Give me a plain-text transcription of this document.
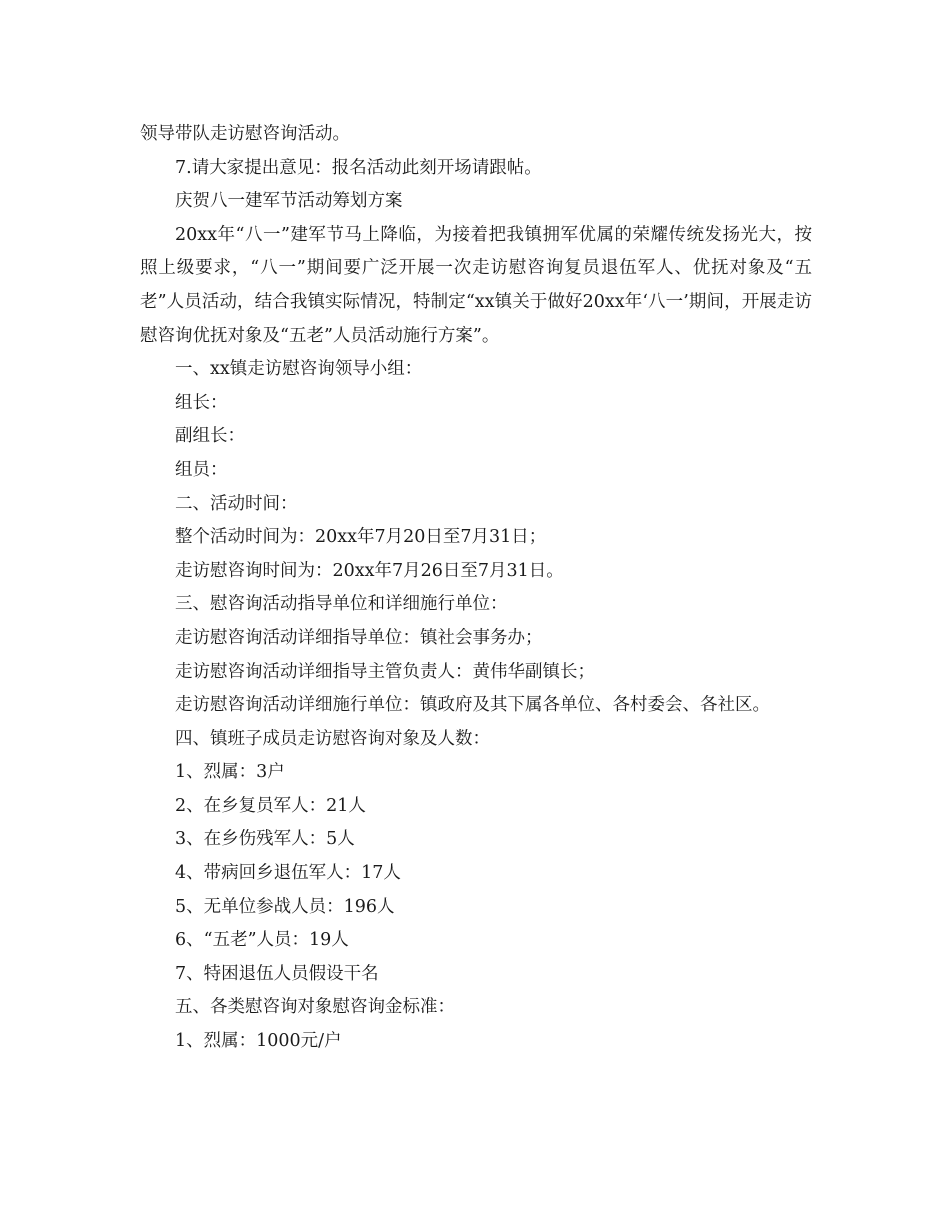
领导带队走访慰咨询活动。

7.请大家提出意见：报名活动此刻开场请跟帖。

庆贺八一建军节活动筹划方案

20xx年“八一”建军节马上降临，为接着把我镇拥军优属的荣耀传统发扬光大，按照上级要求，“八一”期间要广泛开展一次走访慰咨询复员退伍军人、优抚对象及“五老”人员活动，结合我镇实际情况，特制定“xx镇关于做好20xx年‘八一’期间，开展走访慰咨询优抚对象及“五老”人员活动施行方案”。

一、xx镇走访慰咨询领导小组：

组长：

副组长：

组员：

二、活动时间：

整个活动时间为：20xx年7月20日至7月31日；

走访慰咨询时间为：20xx年7月26日至7月31日。

三、慰咨询活动指导单位和详细施行单位：

走访慰咨询活动详细指导单位：镇社会事务办；

走访慰咨询活动详细指导主管负责人：黄伟华副镇长；

走访慰咨询活动详细施行单位：镇政府及其下属各单位、各村委会、各社区。

四、镇班子成员走访慰咨询对象及人数：

1、烈属：3户

2、在乡复员军人：21人

3、在乡伤残军人：5人

4、带病回乡退伍军人：17人

5、无单位参战人员：196人

6、“五老”人员：19人

7、特困退伍人员假设干名

五、各类慰咨询对象慰咨询金标准：

1、烈属：1000元/户
